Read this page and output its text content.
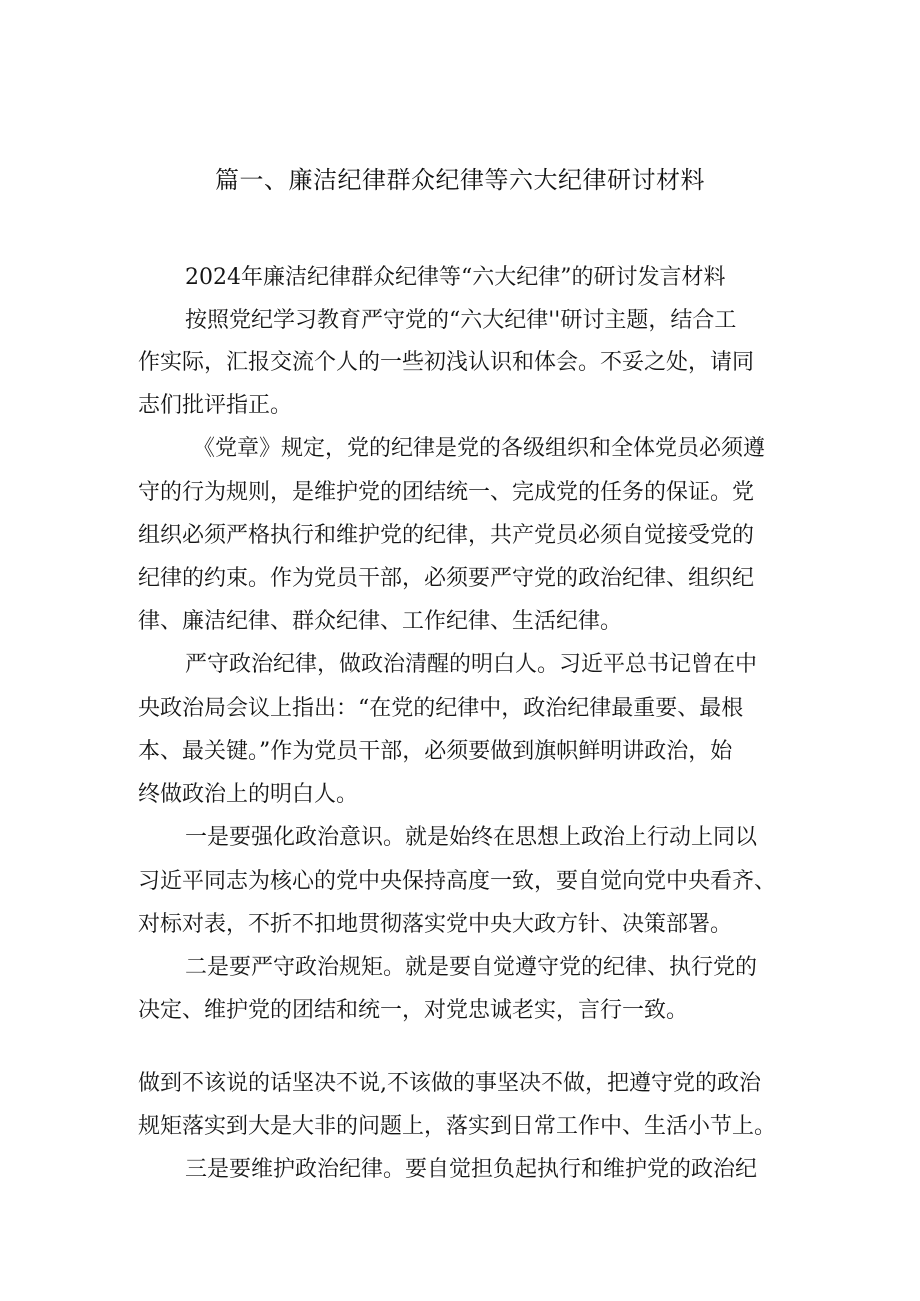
篇一、廉洁纪律群众纪律等六大纪律研讨材料
2024年廉洁纪律群众纪律等“六大纪律”的研讨发言材料
按照党纪学习教育严守党的“六大纪律''研讨主题，结合工
作实际，汇报交流个人的一些初浅认识和体会。不妥之处，请同
志们批评指正。
《党章》规定，党的纪律是党的各级组织和全体党员必须遵
守的行为规则，是维护党的团结统一、完成党的任务的保证。党
组织必须严格执行和维护党的纪律，共产党员必须自觉接受党的
纪律的约束。作为党员干部，必须要严守党的政治纪律、组织纪
律、廉洁纪律、群众纪律、工作纪律、生活纪律。
严守政治纪律，做政治清醒的明白人。习近平总书记曾在中
央政治局会议上指出：“在党的纪律中，政治纪律最重要、最根
本、最关键。”作为党员干部，必须要做到旗帜鲜明讲政治，始
终做政治上的明白人。
一是要强化政治意识。就是始终在思想上政治上行动上同以
习近平同志为核心的党中央保持高度一致，要自觉向党中央看齐、
对标对表，不折不扣地贯彻落实党中央大政方针、决策部署。
二是要严守政治规矩。就是要自觉遵守党的纪律、执行党的
决定、维护党的团结和统一，对党忠诚老实，言行一致。
做到不该说的话坚决不说,不该做的事坚决不做，把遵守党的政治
规矩落实到大是大非的问题上，落实到日常工作中、生活小节上。
三是要维护政治纪律。要自觉担负起执行和维护党的政治纪
